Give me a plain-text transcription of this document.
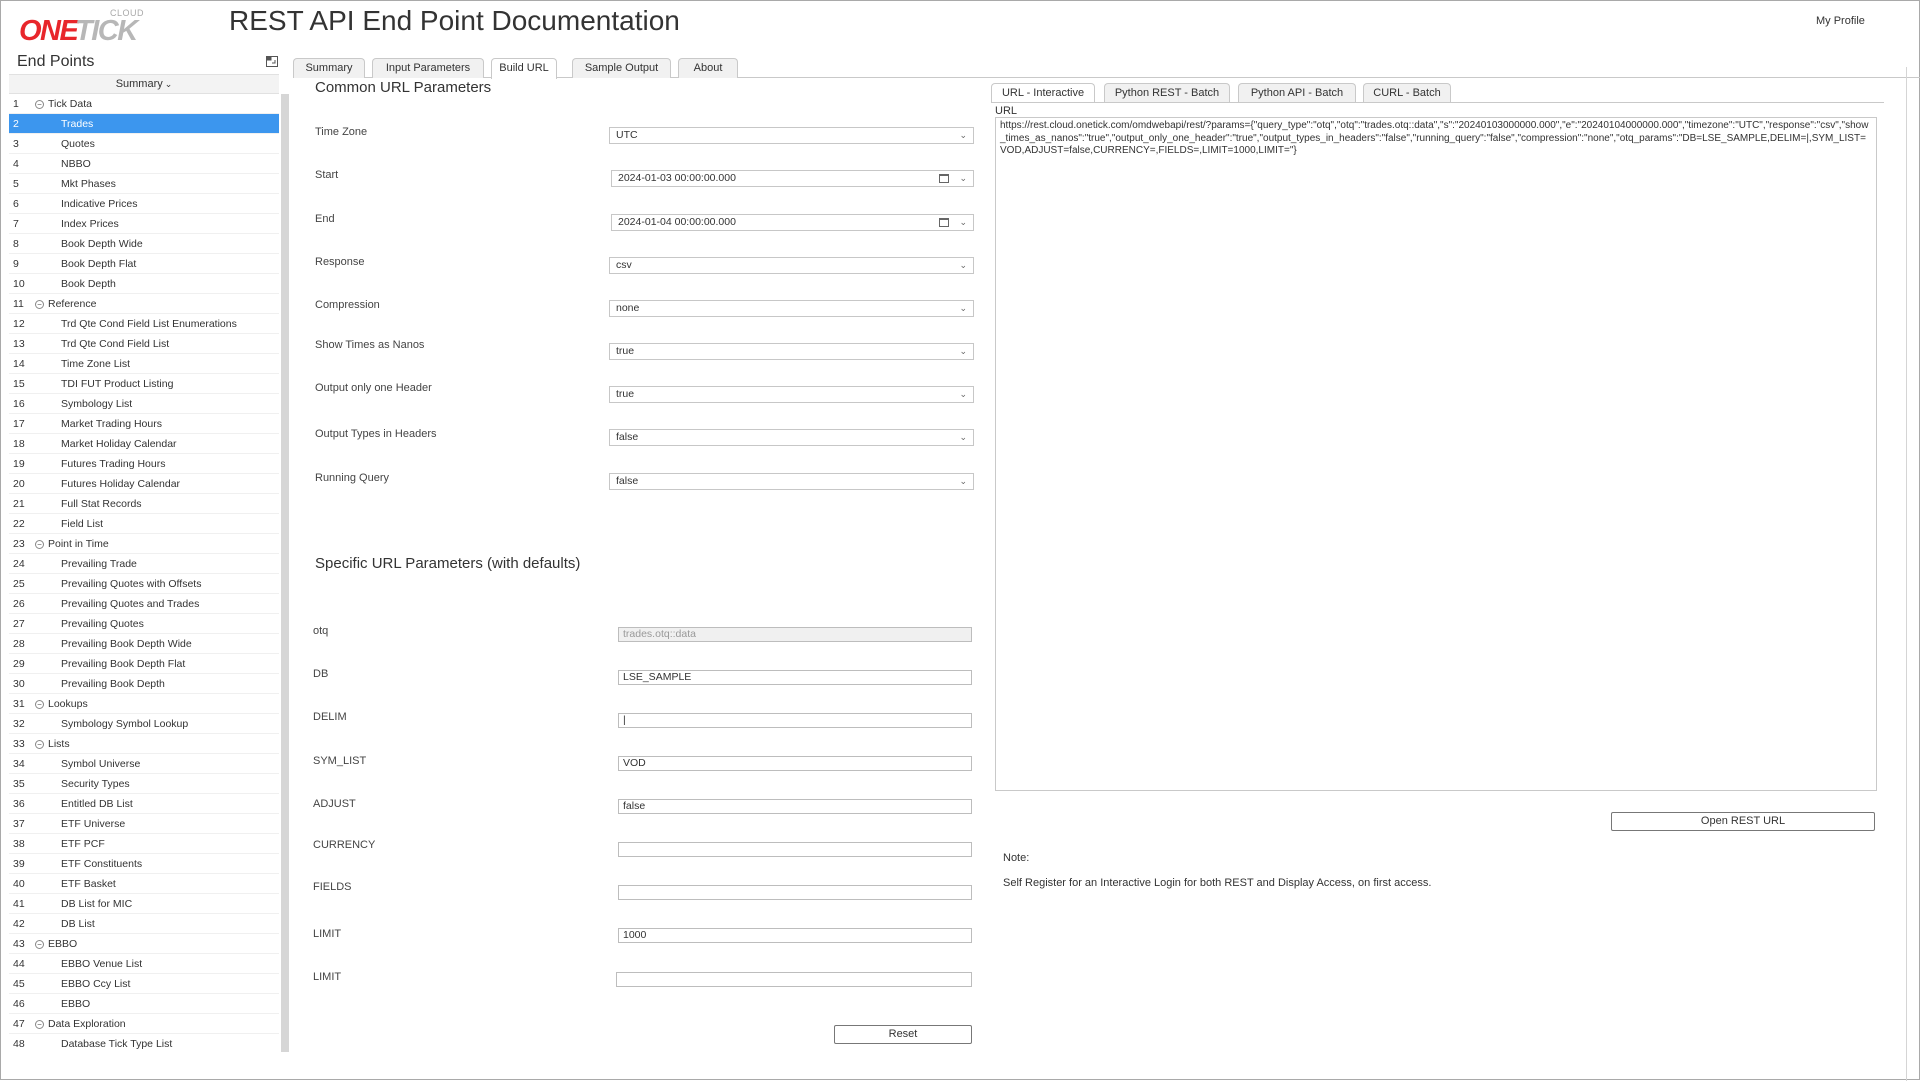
ONE
TICK
CLOUD	REST API End Point Documentation	My Profile
End Points
Summary ⌄
1	− Tick Data
2	Trades
3	Quotes
4	NBBO
5	Mkt Phases
6	Indicative Prices
7	Index Prices
8	Book Depth Wide
9	Book Depth Flat
10	Book Depth
11	− Reference
12	Trd Qte Cond Field List Enumerations
13	Trd Qte Cond Field List
14	Time Zone List
15	TDI FUT Product Listing
16	Symbology List
17	Market Trading Hours
18	Market Holiday Calendar
19	Futures Trading Hours
20	Futures Holiday Calendar
21	Full Stat Records
22	Field List
23	− Point in Time
24	Prevailing Trade
25	Prevailing Quotes with Offsets
26	Prevailing Quotes and Trades
27	Prevailing Quotes
28	Prevailing Book Depth Wide
29	Prevailing Book Depth Flat
30	Prevailing Book Depth
31	− Lookups
32	Symbology Symbol Lookup
33	− Lists
34	Symbol Universe
35	Security Types
36	Entitled DB List
37	ETF Universe
38	ETF PCF
39	ETF Constituents
40	ETF Basket
41	DB List for MIC
42	DB List
43	− EBBO
44	EBBO Venue List
45	EBBO Ccy List
46	EBBO
47	− Data Exploration
48	Database Tick Type List
Summary	Input Parameters	Build URL	Sample Output	About
Common URL Parameters
Time Zone	UTC	⌄
Start	2024-01-03 00:00:00.000	⌄
End	2024-01-04 00:00:00.000	⌄
Response	csv	⌄
Compression	none	⌄
Show Times as Nanos	true	⌄
Output only one Header	true	⌄
Output Types in Headers	false	⌄
Running Query	false	⌄
Specific URL Parameters (with defaults)
otq	trades.otq::data
DB	LSE_SAMPLE
DELIM	|
SYM_LIST	VOD
ADJUST	false
CURRENCY
FIELDS
LIMIT	1000
LIMIT
Reset
URL - Interactive	Python REST - Batch	Python API - Batch	CURL - Batch
URL
https://rest.cloud.onetick.com/omdwebapi/rest/?params={"query_type":"otq","otq":"trades.otq::data","s":"20240103000000.000","e":"20240104000000.000","timezone":"UTC","response":"csv","show_times_as_nanos":"true","output_only_one_header":"true","output_types_in_headers":"false","running_query":"false","compression":"none","otq_params":"DB=LSE_SAMPLE,DELIM=|,SYM_LIST=VOD,ADJUST=false,CURRENCY=,FIELDS=,LIMIT=1000,LIMIT="}
Open REST URL
Note:
Self Register for an Interactive Login for both REST and Display Access, on first access.
